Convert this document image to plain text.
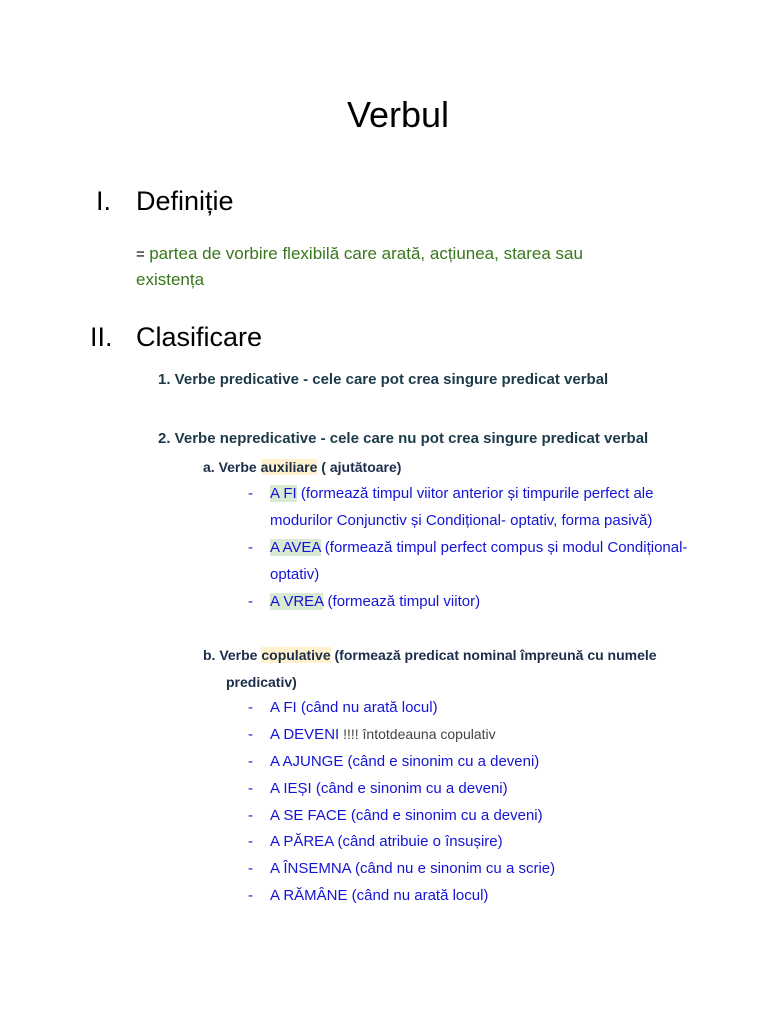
Verbul
I. Definiție
= partea de vorbire flexibilă care arată, acțiunea, starea sau
existența
II. Clasificare
1. Verbe predicative - cele care pot crea singure predicat verbal
2. Verbe nepredicative - cele care nu pot crea singure predicat verbal
a. Verbe auxiliare ( ajutătoare)
- A FI (formează timpul viitor anterior și timpurile perfect ale
modurilor Conjunctiv și Condițional- optativ, forma pasivă)
- A AVEA (formează timpul perfect compus și modul Condițional-
optativ)
- A VREA (formează timpul viitor)
b. Verbe copulative (formează predicat nominal împreună cu numele
predicativ)
- A FI (când nu arată locul)
- A DEVENI !!!! întotdeauna copulativ
- A AJUNGE (când e sinonim cu a deveni)
- A IEȘI (când e sinonim cu a deveni)
- A SE FACE (când e sinonim cu a deveni)
- A PĂREA (când atribuie o însușire)
- A ÎNSEMNA (când nu e sinonim cu a scrie)
- A RĂMÂNE (când nu arată locul)
